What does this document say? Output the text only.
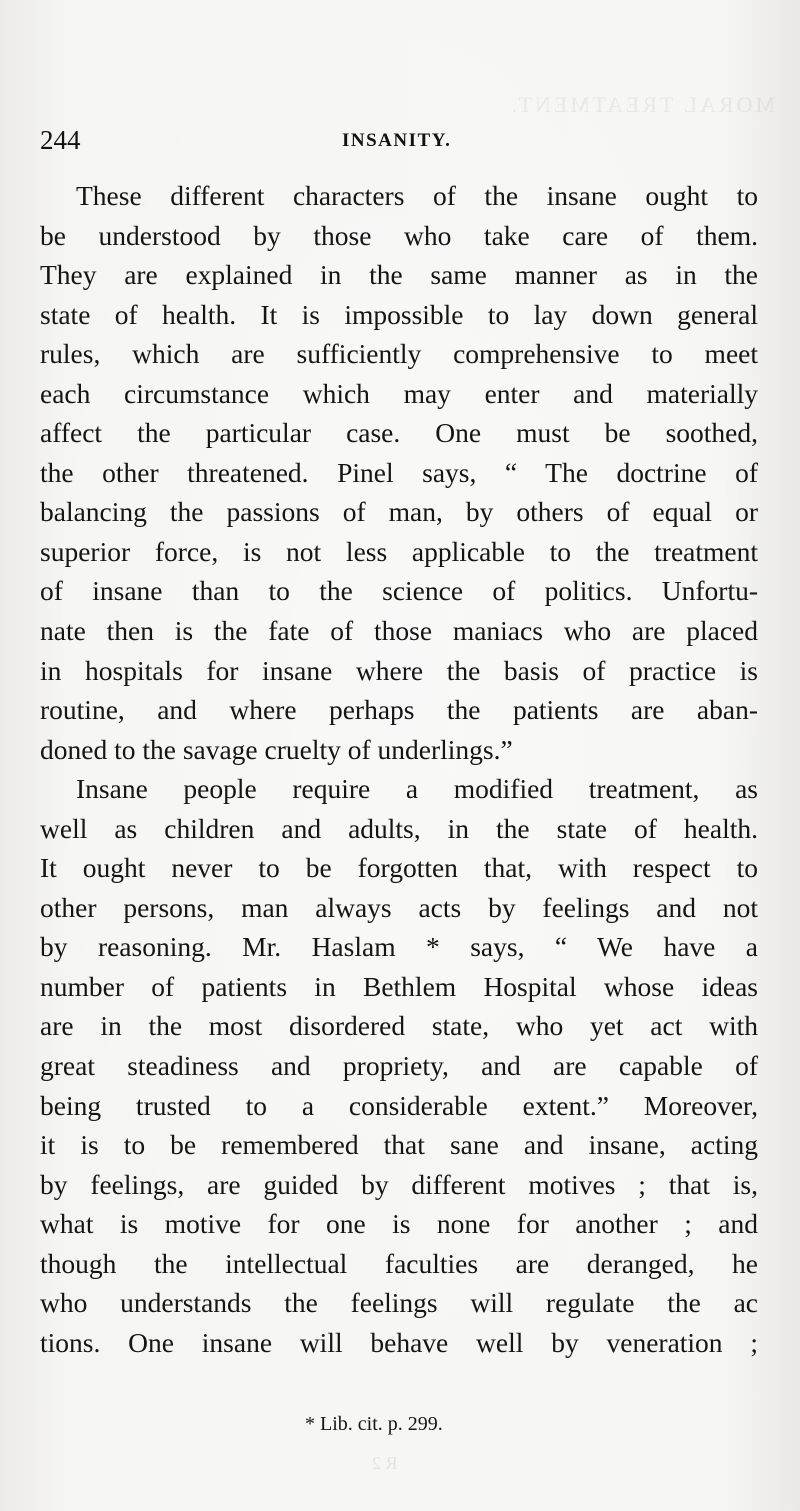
MORAL TREATMENT.
244	INSANITY.
These different characters of the insane ought to
be understood by those who take care of them.
They are explained in the same manner as in the
state of health. It is impossible to lay down general
rules, which are sufficiently comprehensive to meet
each circumstance which may enter and materially
affect the particular case. One must be soothed,
the other threatened. Pinel says, “ The doctrine of
balancing the passions of man, by others of equal or
superior force, is not less applicable to the treatment
of insane than to the science of politics. Unfortu-
nate then is the fate of those maniacs who are placed
in hospitals for insane where the basis of practice is
routine, and where perhaps the patients are aban-
doned to the savage cruelty of underlings.”
Insane people require a modified treatment, as
well as children and adults, in the state of health.
It ought never to be forgotten that, with respect to
other persons, man always acts by feelings and not
by reasoning. Mr. Haslam * says, “ We have a
number of patients in Bethlem Hospital whose ideas
are in the most disordered state, who yet act with
great steadiness and propriety, and are capable of
being trusted to a considerable extent.” Moreover,
it is to be remembered that sane and insane, acting
by feelings, are guided by different motives ; that is,
what is motive for one is none for another ; and
though the intellectual faculties are deranged, he
who understands the feelings will regulate the ac
tions. One insane will behave well by veneration ;
* Lib. cit. p. 299.
R 2
